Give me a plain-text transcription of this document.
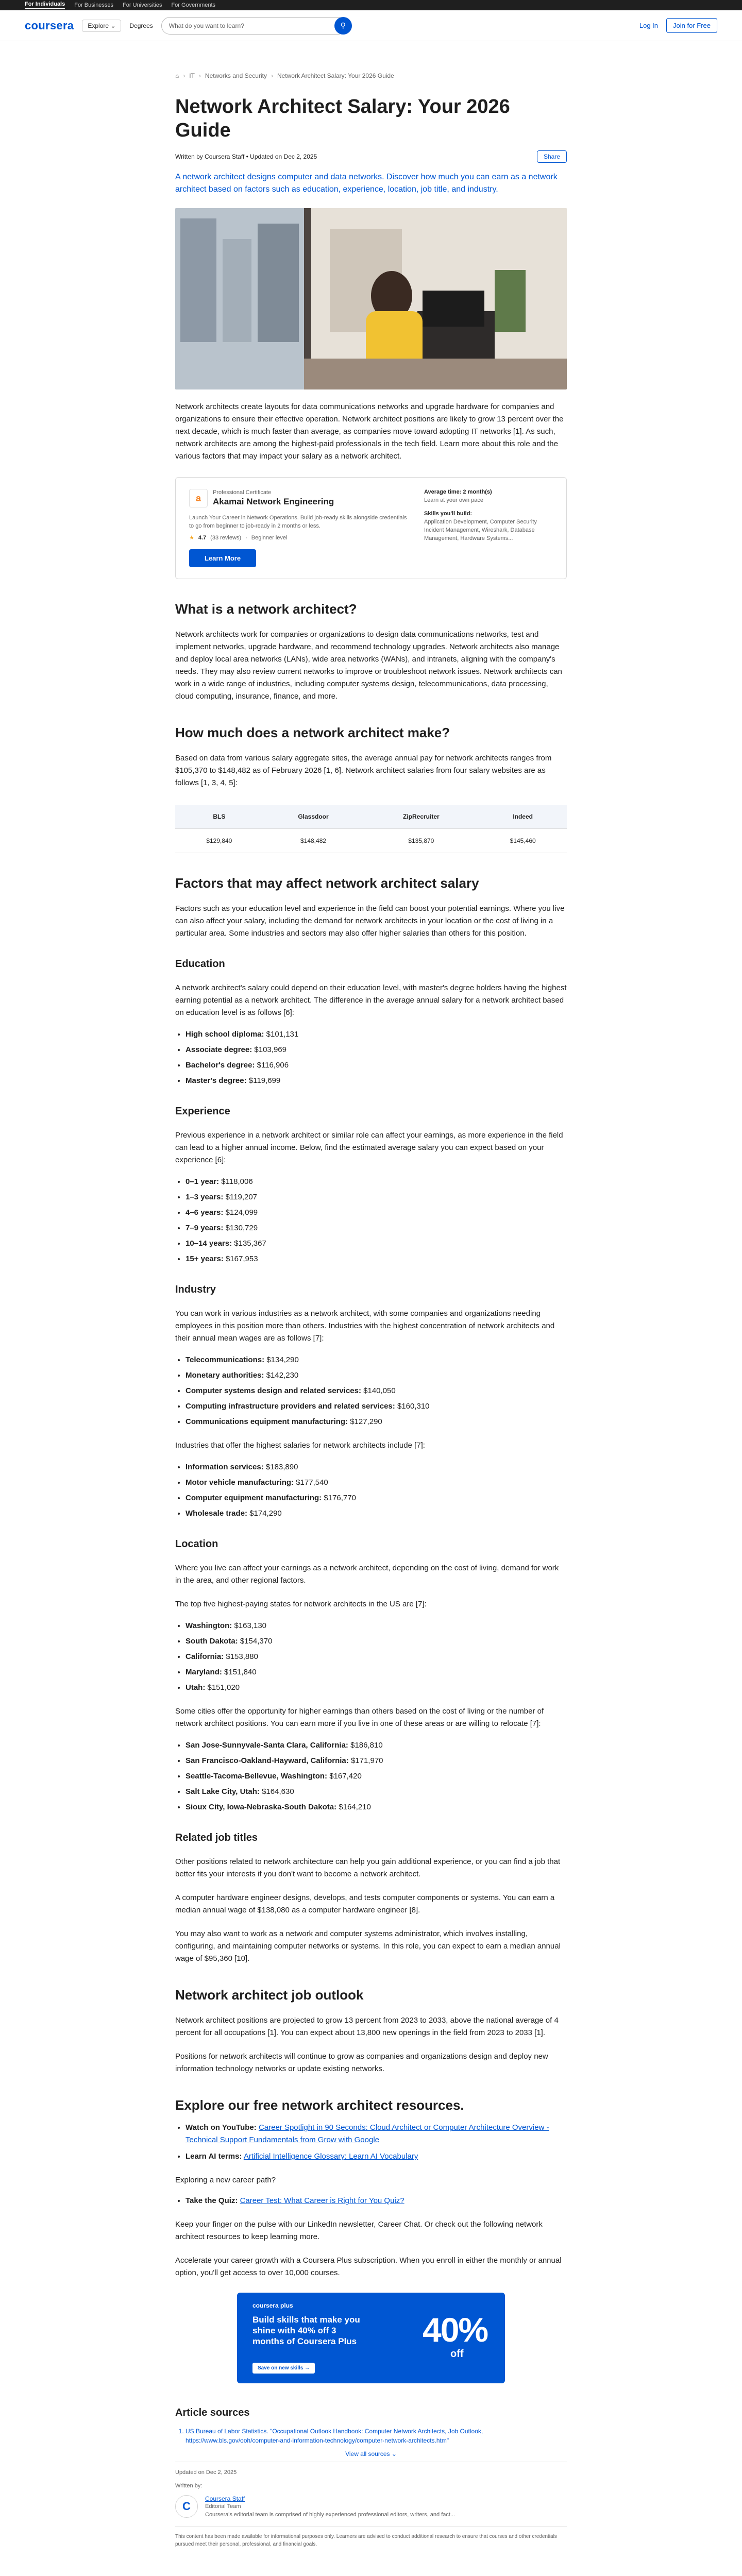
For Individuals For Businesses For Universities For Governments
coursera	Explore ⌄	Degrees	What do you want to learn?	⚲	Log In	Join for Free
⌂ › IT › Networks and Security › Network Architect Salary: Your 2026 Guide
Network Architect Salary: Your 2026 Guide
Written by Coursera Staff • Updated on Dec 2, 2025	Share

A network architect designs computer and data networks. Discover how much you can earn as a network architect based on factors such as education, experience, location, job title, and industry.

Network architects create layouts for data communications networks and upgrade hardware for companies and organizations to ensure their effective operation. Network architect positions are likely to grow 13 percent over the next decade, which is much faster than average, as companies move toward adopting IT networks [1]. As such, network architects are among the highest-paid professionals in the tech field. Learn more about this role and the various factors that may impact your salary as a network architect.

a
Professional Certificate
Akamai Network Engineering
Launch Your Career in Network Operations. Build job-ready skills alongside credentials to go from beginner to job-ready in 2 months or less.
★ 4.7 (33 reviews) · Beginner level
Learn More
Average time: 2 month(s)
Learn at your own pace
Skills you'll build:
Application Development, Computer Security Incident Management, Wireshark, Database Management, Hardware Systems...
What is a network architect?

Network architects work for companies or organizations to design data communications networks, test and implement networks, upgrade hardware, and recommend technology upgrades. Network architects also manage and deploy local area networks (LANs), wide area networks (WANs), and intranets, aligning with the company's needs. They may also review current networks to improve or troubleshoot network issues. Network architects can work in a wide range of industries, including computer systems design, telecommunications, data processing, cloud computing, insurance, finance, and more.

How much does a network architect make?

Based on data from various salary aggregate sites, the average annual pay for network architects ranges from $105,370 to $148,482 as of February 2026 [1, 6]. Network architect salaries from four salary websites are as follows [1, 3, 4, 5]:

BLS	Glassdoor	ZipRecruiter	Indeed
$129,840	$148,482	$135,870	$145,460
Factors that may affect network architect salary

Factors such as your education level and experience in the field can boost your potential earnings. Where you live can also affect your salary, including the demand for network architects in your location or the cost of living in a particular area. Some industries and sectors may also offer higher salaries than others for this position.

Education

A network architect's salary could depend on their education level, with master's degree holders having the highest earning potential as a network architect. The difference in the average annual salary for a network architect based on education level is as follows [6]:

• High school diploma: $101,131
• Associate degree: $103,969
• Bachelor's degree: $116,906
• Master's degree: $119,699
Experience

Previous experience in a network architect or similar role can affect your earnings, as more experience in the field can lead to a higher annual income. Below, find the estimated average salary you can expect based on your experience [6]:

• 0–1 year: $118,006
• 1–3 years: $119,207
• 4–6 years: $124,099
• 7–9 years: $130,729
• 10–14 years: $135,367
• 15+ years: $167,953
Industry

You can work in various industries as a network architect, with some companies and organizations needing employees in this position more than others. Industries with the highest concentration of network architects and their annual mean wages are as follows [7]:

• Telecommunications: $134,290
• Monetary authorities: $142,230
• Computer systems design and related services: $140,050
• Computing infrastructure providers and related services: $160,310
• Communications equipment manufacturing: $127,290

Industries that offer the highest salaries for network architects include [7]:

• Information services: $183,890
• Motor vehicle manufacturing: $177,540
• Computer equipment manufacturing: $176,770
• Wholesale trade: $174,290
Location

Where you live can affect your earnings as a network architect, depending on the cost of living, demand for work in the area, and other regional factors.

The top five highest-paying states for network architects in the US are [7]:

• Washington: $163,130
• South Dakota: $154,370
• California: $153,880
• Maryland: $151,840
• Utah: $151,020

Some cities offer the opportunity for higher earnings than others based on the cost of living or the number of network architect positions. You can earn more if you live in one of these areas or are willing to relocate [7]:

• San Jose-Sunnyvale-Santa Clara, California: $186,810
• San Francisco-Oakland-Hayward, California: $171,970
• Seattle-Tacoma-Bellevue, Washington: $167,420
• Salt Lake City, Utah: $164,630
• Sioux City, Iowa-Nebraska-South Dakota: $164,210
Related job titles

Other positions related to network architecture can help you gain additional experience, or you can find a job that better fits your interests if you don't want to become a network architect.

A computer hardware engineer designs, develops, and tests computer components or systems. You can earn a median annual wage of $138,080 as a computer hardware engineer [8].

You may also want to work as a network and computer systems administrator, which involves installing, configuring, and maintaining computer networks or systems. In this role, you can expect to earn a median annual wage of $95,360 [10].

Network architect job outlook

Network architect positions are projected to grow 13 percent from 2023 to 2033, above the national average of 4 percent for all occupations [1]. You can expect about 13,800 new openings in the field from 2023 to 2033 [1].

Positions for network architects will continue to grow as companies and organizations design and deploy new information technology networks or update existing networks.

Explore our free network architect resources.
• Watch on YouTube: Career Spotlight in 90 Seconds: Cloud Architect or Computer Architecture Overview - Technical Support Fundamentals from Grow with Google
• Learn AI terms: Artificial Intelligence Glossary: Learn AI Vocabulary

Exploring a new career path?

• Take the Quiz: Career Test: What Career is Right for You Quiz?

Keep your finger on the pulse with our LinkedIn newsletter, Career Chat. Or check out the following network architect resources to keep learning more.

Accelerate your career growth with a Coursera Plus subscription. When you enroll in either the monthly or annual option, you'll get access to over 10,000 courses.

coursera plus
Build skills that make you shine with 40% off 3 months of Coursera Plus
Save on new skills →
40%
off
Article sources
1. US Bureau of Labor Statistics. "Occupational Outlook Handbook: Computer Network Architects, Job Outlook, https://www.bls.gov/ooh/computer-and-information-technology/computer-network-architects.htm"
View all sources ⌄
Updated on Dec 2, 2025
Written by:
C
Coursera Staff
Editorial Team
Coursera's editorial team is comprised of highly experienced professional editors, writers, and fact...
This content has been made available for informational purposes only. Learners are advised to conduct additional research to ensure that courses and other credentials pursued meet their personal, professional, and financial goals.
